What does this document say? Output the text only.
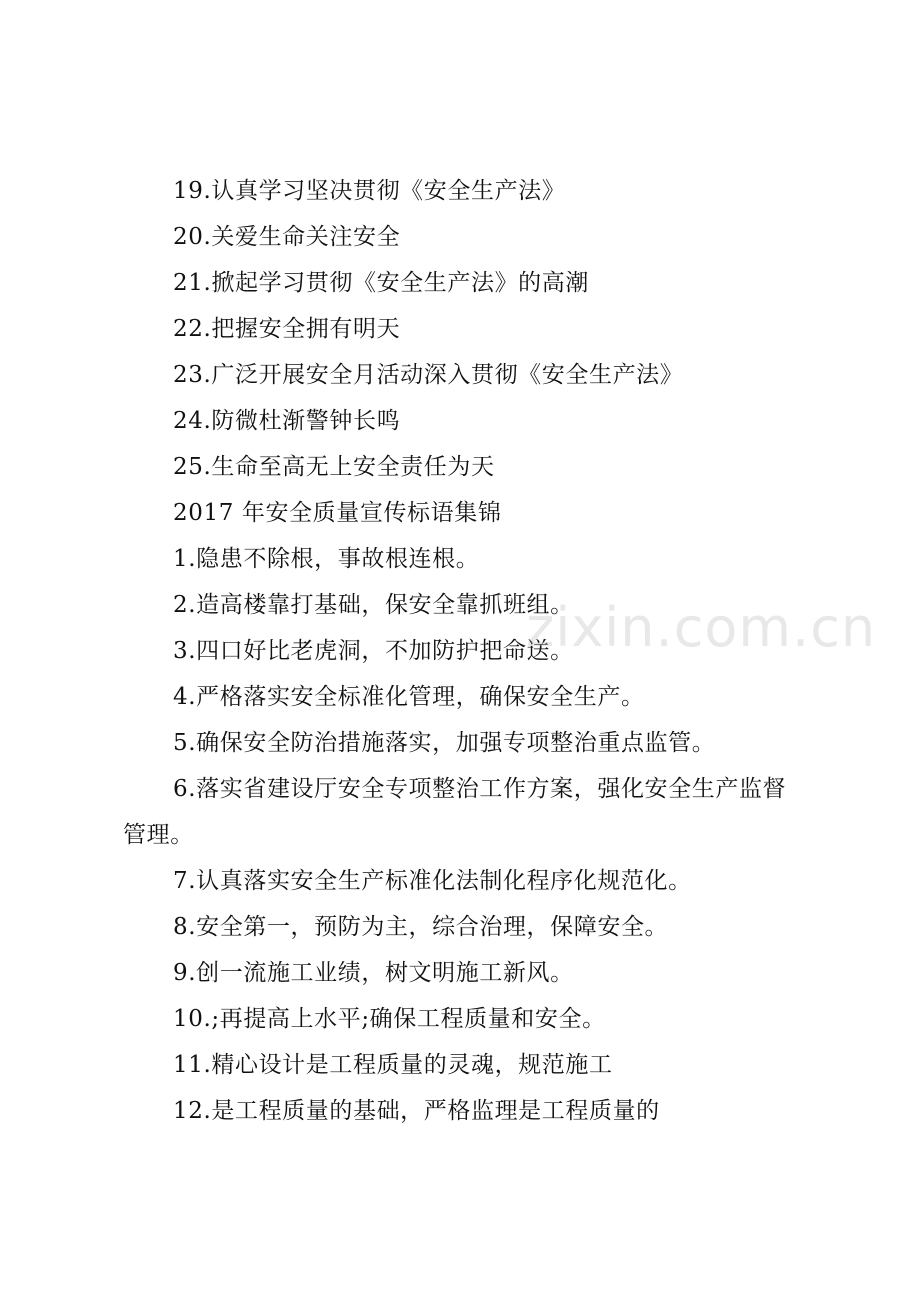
19.认真学习坚决贯彻《安全生产法》
20.关爱生命关注安全
21.掀起学习贯彻《安全生产法》的高潮
22.把握安全拥有明天
23.广泛开展安全月活动深入贯彻《安全生产法》
24.防微杜渐警钟长鸣
25.生命至高无上安全责任为天
2017 年安全质量宣传标语集锦
1.隐患不除根，事故根连根。
2.造高楼靠打基础，保安全靠抓班组。
3.四口好比老虎洞，不加防护把命送。
4.严格落实安全标准化管理，确保安全生产。
5.确保安全防治措施落实，加强专项整治重点监管。
6.落实省建设厅安全专项整治工作方案，强化安全生产监督管理。
7.认真落实安全生产标准化法制化程序化规范化。
8.安全第一，预防为主，综合治理，保障安全。
9.创一流施工业绩，树文明施工新风。
10.;再提高上水平;确保工程质量和安全。
11.精心设计是工程质量的灵魂，规范施工
12.是工程质量的基础，严格监理是工程质量的
zixin.com.cn
